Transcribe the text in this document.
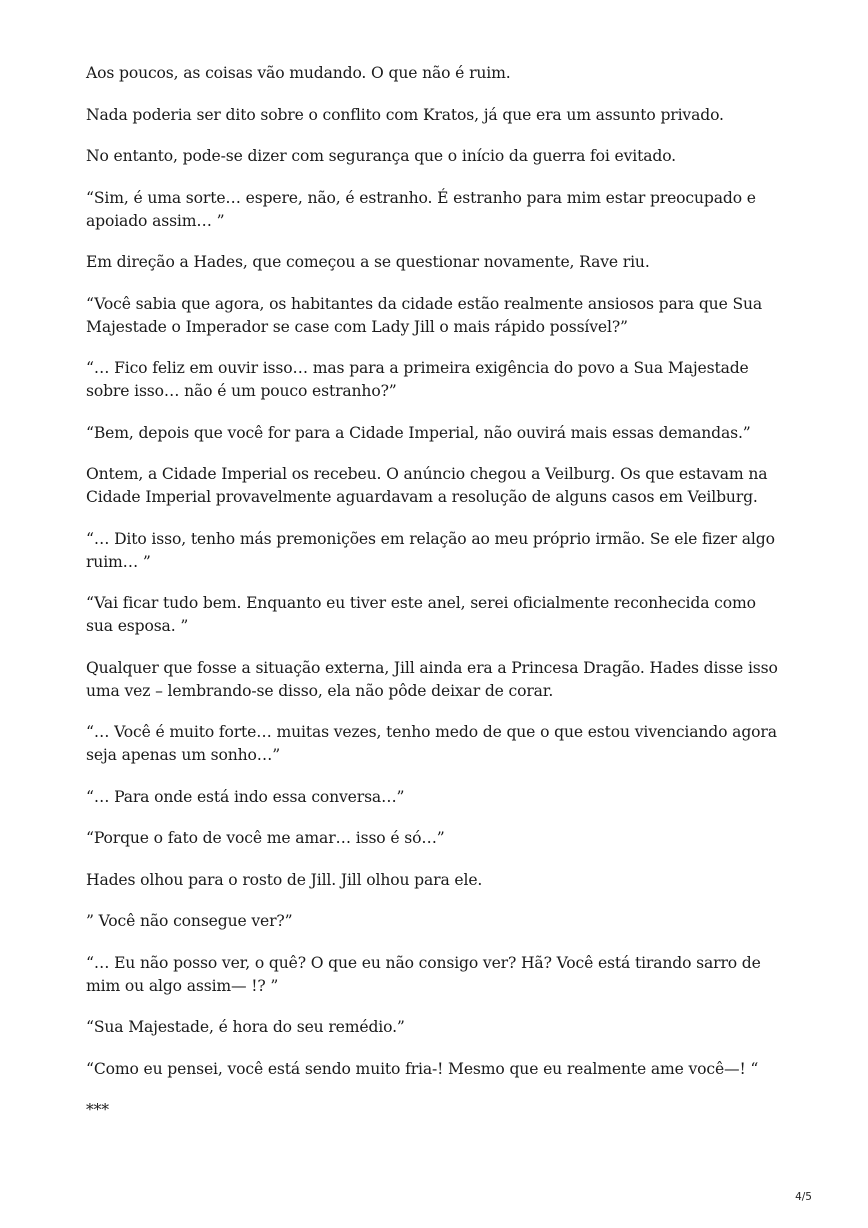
Aos poucos, as coisas vão mudando. O que não é ruim.

Nada poderia ser dito sobre o conflito com Kratos, já que era um assunto privado.

No entanto, pode-se dizer com segurança que o início da guerra foi evitado.

“Sim, é uma sorte… espere, não, é estranho. É estranho para mim estar preocupado e apoiado assim… ”

Em direção a Hades, que começou a se questionar novamente, Rave riu.

“Você sabia que agora, os habitantes da cidade estão realmente ansiosos para que Sua Majestade o Imperador se case com Lady Jill o mais rápido possível?”

“… Fico feliz em ouvir isso… mas para a primeira exigência do povo a Sua Majestade sobre isso… não é um pouco estranho?”

“Bem, depois que você for para a Cidade Imperial, não ouvirá mais essas demandas.”

Ontem, a Cidade Imperial os recebeu. O anúncio chegou a Veilburg. Os que estavam na Cidade Imperial provavelmente aguardavam a resolução de alguns casos em Veilburg.

“… Dito isso, tenho más premonições em relação ao meu próprio irmão. Se ele fizer algo ruim… ”

“Vai ficar tudo bem. Enquanto eu tiver este anel, serei oficialmente reconhecida como sua esposa. ”

Qualquer que fosse a situação externa, Jill ainda era a Princesa Dragão. Hades disse isso uma vez – lembrando-se disso, ela não pôde deixar de corar.

“… Você é muito forte… muitas vezes, tenho medo de que o que estou vivenciando agora seja apenas um sonho…”

“… Para onde está indo essa conversa…”

“Porque o fato de você me amar… isso é só…”

Hades olhou para o rosto de Jill. Jill olhou para ele.

” Você não consegue ver?”

“… Eu não posso ver, o quê? O que eu não consigo ver? Hã? Você está tirando sarro de mim ou algo assim— !? ”

“Sua Majestade, é hora do seu remédio.”

“Como eu pensei, você está sendo muito fria-! Mesmo que eu realmente ame você—! “

***

4/5
